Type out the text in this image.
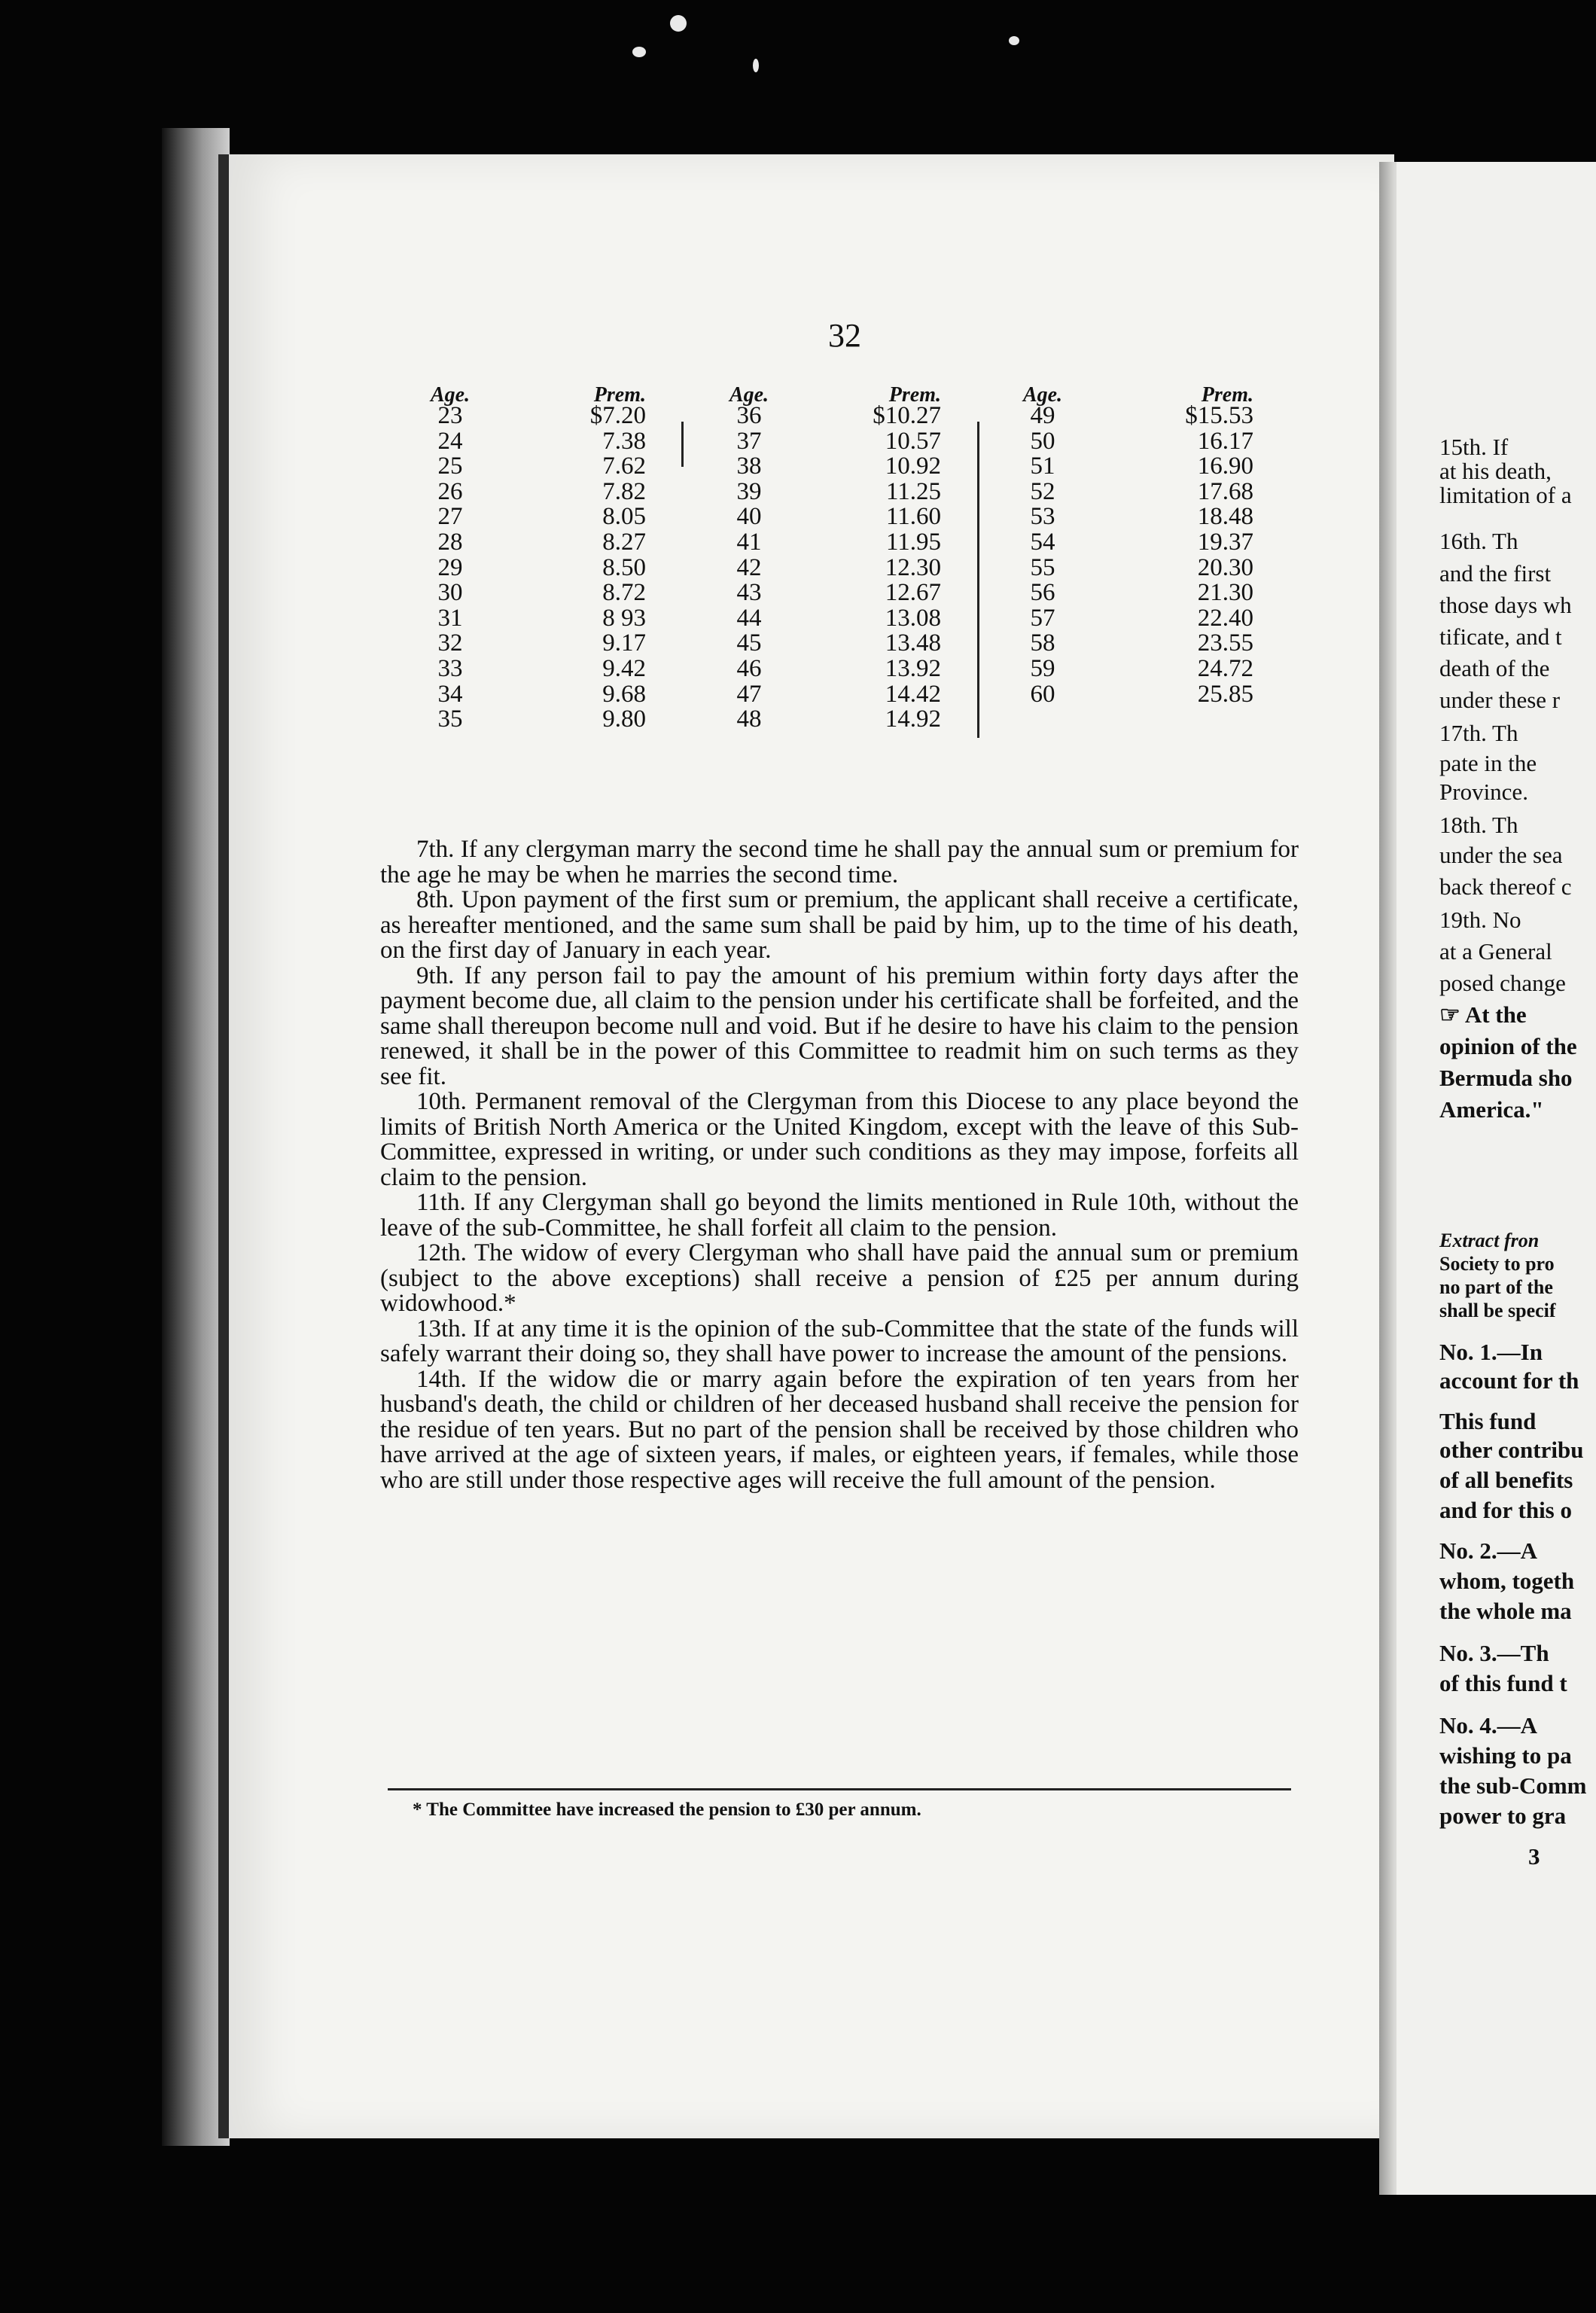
32
Age.
23
24
25
26
27
28
29
30
31
32
33
34
35
Prem.
$7.20
7.38
7.62
7.82
8.05
8.27
8.50
8.72
8 93
9.17
9.42
9.68
9.80
Age.
36
37
38
39
40
41
42
43
44
45
46
47
48
Prem.
$10.27
10.57
10.92
11.25
11.60
11.95
12.30
12.67
13.08
13.48
13.92
14.42
14.92
Age.
49
50
51
52
53
54
55
56
57
58
59
60
Prem.
$15.53
16.17
16.90
17.68
18.48
19.37
20.30
21.30
22.40
23.55
24.72
25.85

7th. If any clergyman marry the second time he shall pay the annual sum or premium for the age he may be when he marries the second time.

8th. Upon payment of the first sum or premium, the applicant shall receive a certificate, as hereafter mentioned, and the same sum shall be paid by him, up to the time of his death, on the first day of January in each year.

9th. If any person fail to pay the amount of his premium within forty days after the payment become due, all claim to the pension under his certificate shall be forfeited, and the same shall thereupon become null and void. But if he desire to have his claim to the pension renewed, it shall be in the power of this Committee to readmit him on such terms as they see fit.

10th. Permanent removal of the Clergyman from this Diocese to any place beyond the limits of British North America or the United Kingdom, except with the leave of this Sub-Committee, expressed in writing, or under such conditions as they may impose, forfeits all claim to the pension.

11th. If any Clergyman shall go beyond the limits mentioned in Rule 10th, without the leave of the sub-Committee, he shall forfeit all claim to the pension.

12th. The widow of every Clergyman who shall have paid the annual sum or premium (subject to the above exceptions) shall receive a pension of £25 per annum during widowhood.*

13th. If at any time it is the opinion of the sub-Committee that the state of the funds will safely warrant their doing so, they shall have power to increase the amount of the pensions.

14th. If the widow die or marry again before the expiration of ten years from her husband's death, the child or children of her deceased husband shall receive the pension for the residue of ten years. But no part of the pension shall be received by those children who have arrived at the age of sixteen years, if males, or eighteen years, if females, while those who are still under those respective ages will receive the full amount of the pension.

* The Committee have increased the pension to £30 per annum.
15th. If
at his death,
limitation of a
16th. Th
and the first
those days wh
tificate, and t
death of the
under these r
17th. Th
pate in the
Province.
18th. Th
under the sea
back thereof c
19th. No
at a General
posed change
☞ At the
opinion of the
Bermuda sho
America."
Extract fron
Society to pro
no part of the
shall be specif
No. 1.—In
account for th
This fund
other contribu
of all benefits
and for this o
No. 2.—A
whom, togeth
the whole ma
No. 3.—Th
of this fund t
No. 4.—A
wishing to pa
the sub-Comm
power to gra
3
